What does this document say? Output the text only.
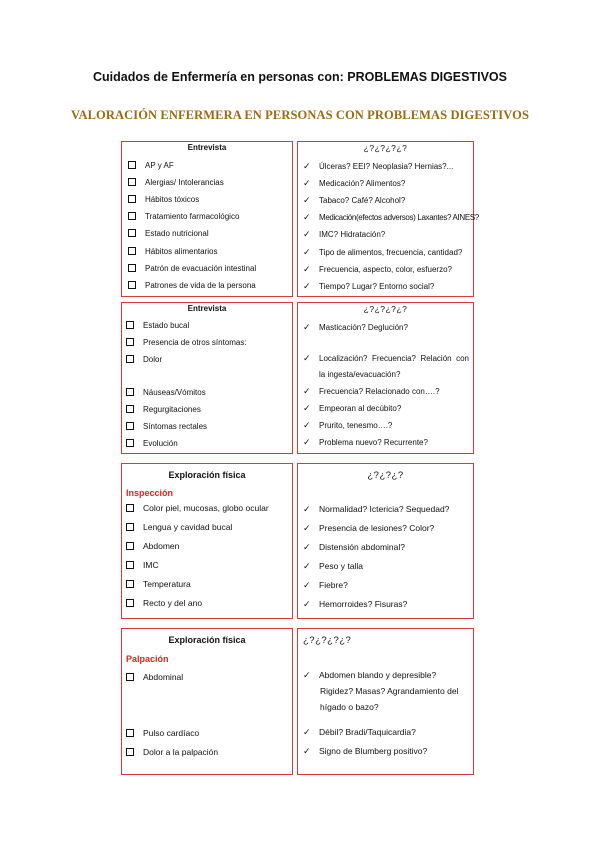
Cuidados de Enfermería en personas con: PROBLEMAS DIGESTIVOS
VALORACIÓN ENFERMERA EN PERSONAS CON PROBLEMAS DIGESTIVOS
Entrevista
AP y AF
Alergias/ Intolerancias
Hábitos tóxicos
Tratamiento farmacológico
Estado nutricional
Hábitos alimentarios
Patrón de evacuación intestinal
Patrones de vida de la persona
¿?¿?¿?¿?
✓ Úlceras? EEI? Neoplasia? Hernias?...
✓ Medicación? Alimentos?
✓ Tabaco? Café? Alcohol?
✓ Medicación(efectos adversos) Laxantes? AINES?
✓ IMC? Hidratación?
✓ Tipo de alimentos, frecuencia, cantidad?
✓ Frecuencia, aspecto, color, esfuerzo?
✓ Tiempo? Lugar? Entorno social?
Entrevista
Estado bucal
Presencia de otros síntomas:
Dolor
Náuseas/Vómitos
Regurgitaciones
Síntomas rectales
Evolución
¿?¿?¿?¿?
✓ Masticación? Deglución?
✓ Localización? Frecuencia? Relación con la ingesta/evacuación?
✓ Frecuencia? Relacionado con….?
✓ Empeoran al decúbito?
✓ Prurito, tenesmo….?
✓ Problema nuevo? Recurrente?
Exploración física
Inspección
Color piel, mucosas, globo ocular
Lengua y cavidad bucal
Abdomen
IMC
Temperatura
Recto y del ano
¿?¿?¿?
✓ Normalidad? Ictericia? Sequedad?
✓ Presencia de lesiones? Color?
✓ Distensión abdominal?
✓ Peso y talla
✓ Fiebre?
✓ Hemorroides? Fisuras?
Exploración física
Palpación
Abdominal
Pulso cardíaco
Dolor a la palpación
¿?¿?¿?¿?
✓ Abdomen blando y depresible? Rigidez? Masas? Agrandamiento del hígado o bazo?
✓ Débil? Bradi/Taquicardia?
✓ Signo de Blumberg positivo?
